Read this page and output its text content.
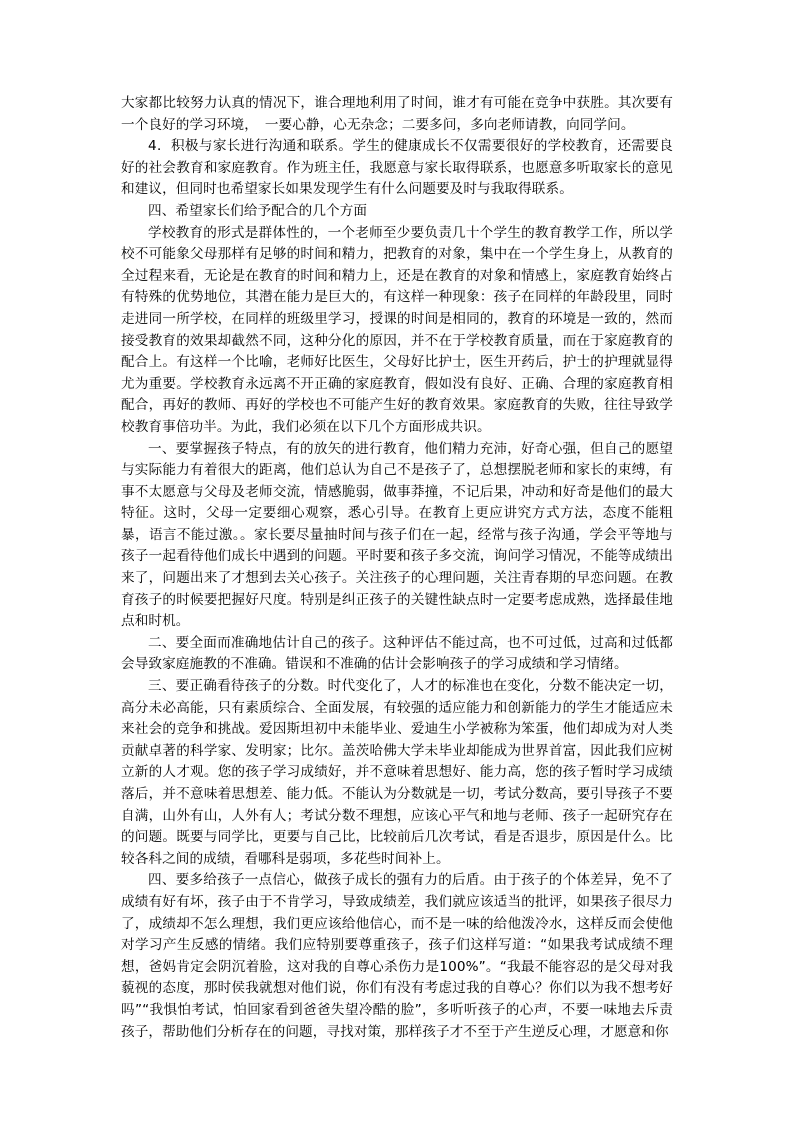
大家都比较努力认真的情况下，谁合理地利用了时间，谁才有可能在竞争中获胜。其次要有一个良好的学习环境，　一要心静，心无杂念；二要多问，多向老师请教，向同学问。

4．积极与家长进行沟通和联系。学生的健康成长不仅需要很好的学校教育，还需要良好的社会教育和家庭教育。作为班主任，我愿意与家长取得联系，也愿意多听取家长的意见和建议，但同时也希望家长如果发现学生有什么问题要及时与我取得联系。

四、希望家长们给予配合的几个方面

学校教育的形式是群体性的，一个老师至少要负责几十个学生的教育教学工作，所以学校不可能象父母那样有足够的时间和精力，把教育的对象，集中在一个学生身上，从教育的全过程来看，无论是在教育的时间和精力上，还是在教育的对象和情感上，家庭教育始终占有特殊的优势地位，其潜在能力是巨大的，有这样一种现象：孩子在同样的年龄段里，同时走进同一所学校，在同样的班级里学习，授课的时间是相同的，教育的环境是一致的，然而接受教育的效果却截然不同，这种分化的原因，并不在于学校教育质量，而在于家庭教育的配合上。有这样一个比喻，老师好比医生，父母好比护士，医生开药后，护士的护理就显得尤为重要。学校教育永远离不开正确的家庭教育，假如没有良好、正确、合理的家庭教育相配合，再好的教师、再好的学校也不可能产生好的教育效果。家庭教育的失败，往往导致学校教育事倍功半。为此，我们必须在以下几个方面形成共识。

一、要掌握孩子特点，有的放矢的进行教育，他们精力充沛，好奇心强，但自己的愿望与实际能力有着很大的距离，他们总认为自己不是孩子了，总想摆脱老师和家长的束缚，有事不太愿意与父母及老师交流，情感脆弱，做事莽撞，不记后果，冲动和好奇是他们的最大特征。这时，父母一定要细心观察，悉心引导。在教育上更应讲究方式方法，态度不能粗暴，语言不能过激。。家长要尽量抽时间与孩子们在一起，经常与孩子沟通，学会平等地与孩子一起看待他们成长中遇到的问题。平时要和孩子多交流，询问学习情况，不能等成绩出来了，问题出来了才想到去关心孩子。关注孩子的心理问题，关注青春期的早恋问题。在教育孩子的时候要把握好尺度。特别是纠正孩子的关键性缺点时一定要考虑成熟，选择最佳地点和时机。

二、要全面而准确地估计自己的孩子。这种评估不能过高，也不可过低，过高和过低都会导致家庭施教的不准确。错误和不准确的估计会影响孩子的学习成绩和学习情绪。

三、要正确看待孩子的分数。时代变化了，人才的标准也在变化，分数不能决定一切，高分未必高能，只有素质综合、全面发展，有较强的适应能力和创新能力的学生才能适应未来社会的竞争和挑战。爱因斯坦初中未能毕业、爱迪生小学被称为笨蛋，他们却成为对人类贡献卓著的科学家、发明家；比尔。盖茨哈佛大学未毕业却能成为世界首富，因此我们应树立新的人才观。您的孩子学习成绩好，并不意味着思想好、能力高，您的孩子暂时学习成绩落后，并不意味着思想差、能力低。不能认为分数就是一切，考试分数高，要引导孩子不要自满，山外有山，人外有人；考试分数不理想，应该心平气和地与老师、孩子一起研究存在的问题。既要与同学比，更要与自己比，比较前后几次考试，看是否退步，原因是什么。比较各科之间的成绩，看哪科是弱项，多花些时间补上。

四、要多给孩子一点信心，做孩子成长的强有力的后盾。由于孩子的个体差异，免不了成绩有好有坏，孩子由于不肯学习，导致成绩差，我们就应该适当的批评，如果孩子很尽力了，成绩却不怎么理想，我们更应该给他信心，而不是一味的给他泼冷水，这样反而会使他对学习产生反感的情绪。我们应特别要尊重孩子，孩子们这样写道：“如果我考试成绩不理想，爸妈肯定会阴沉着脸，这对我的自尊心杀伤力是100%”。“我最不能容忍的是父母对我藐视的态度，那时侯我就想对他们说，你们有没有考虑过我的自尊心？你们以为我不想考好吗”“我惧怕考试，怕回家看到爸爸失望冷酷的脸”，多听听孩子的心声，不要一味地去斥责孩子，帮助他们分析存在的问题，寻找对策，那样孩子才不至于产生逆反心理，才愿意和你
